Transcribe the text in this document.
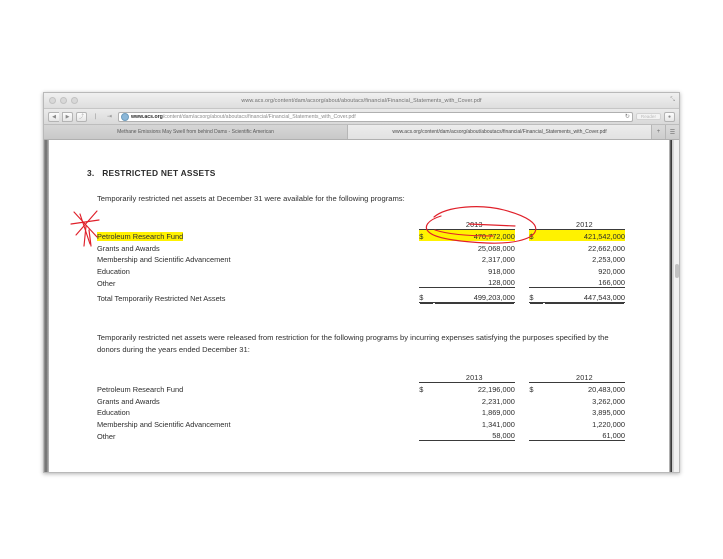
www.acs.org/content/dam/acsorg/about/aboutacs/financial/Financial_Statements_with_Cover.pdf	⤡
◀	▶	⤴	∣	⇥	www.acs.org /content/dam/acsorg/about/aboutacs/financial/Financial_Statements_with_Cover.pdf	↻	Reader	●
Methane Emissions May Swell from behind Dams - Scientific American	www.acs.org/content/dam/acsorg/about/aboutacs/financial/Financial_Statements_with_Cover.pdf	+	☰
3. RESTRICTED NET ASSETS
Temporarily restricted net assets at December 31 were available for the following programs:
		2013			2012
Petroleum Research Fund	$	470,772,000		$	421,542,000
Grants and Awards		25,068,000			22,662,000
Membership and Scientific Advancement		2,317,000			2,253,000
Education		918,000			920,000
Other		128,000			166,000

Total Temporarily Restricted Net Assets	$	499,203,000		$	447,543,000
Temporarily restricted net assets were released from restriction for the following programs by incurring expenses satisfying the purposes specified by the donors during the years ended December 31:
		2013			2012
Petroleum Research Fund	$	22,196,000		$	20,483,000
Grants and Awards		2,231,000			3,262,000
Education		1,869,000			3,895,000
Membership and Scientific Advancement		1,341,000			1,220,000
Other		58,000			61,000
